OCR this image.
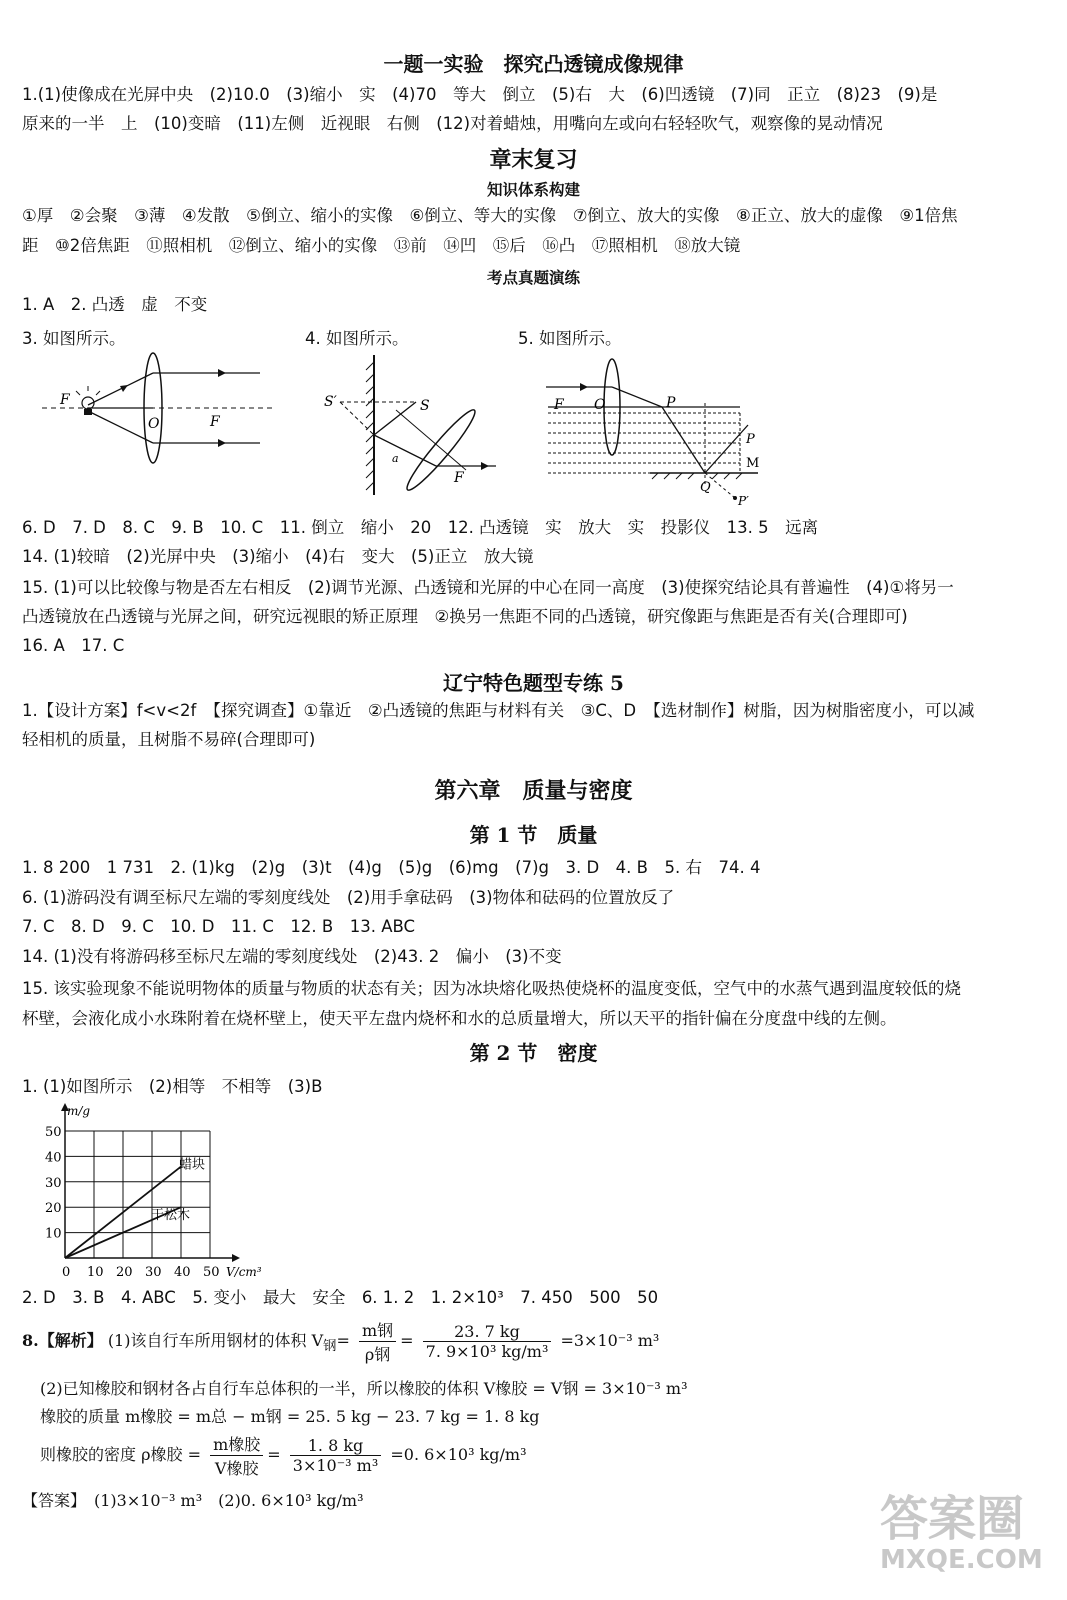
一题一实验　探究凸透镜成像规律
1.(1)使像成在光屏中央　(2)10.0　(3)缩小　实　(4)70　等大　倒立　(5)右　大　(6)凹透镜　(7)同　正立　(8)23　(9)是
原来的一半　上　(10)变暗　(11)左侧　近视眼　右侧　(12)对着蜡烛，用嘴向左或向右轻轻吹气，观察像的晃动情况
章末复习
知识体系构建
①厚　②会聚　③薄　④发散　⑤倒立、缩小的实像　⑥倒立、等大的实像　⑦倒立、放大的实像　⑧正立、放大的虚像　⑨1倍焦
距　⑩2倍焦距　⑪照相机　⑫倒立、缩小的实像　⑬前　⑭凹　⑮后　⑯凸　⑰照相机　⑱放大镜
考点真题演练
1. A　2. 凸透　虚　不变
3. 如图所示。	4. 如图所示。	5. 如图所示。
F
O	F
S′	S
a
F
F O	P
P
M
Q
P′
6. D　7. D　8. C　9. B　10. C　11. 倒立　缩小　20　12. 凸透镜　实　放大　实　投影仪　13. 5　远离
14. (1)较暗　(2)光屏中央　(3)缩小　(4)右　变大　(5)正立　放大镜
15. (1)可以比较像与物是否左右相反　(2)调节光源、凸透镜和光屏的中心在同一高度　(3)使探究结论具有普遍性　(4)①将另一
凸透镜放在凸透镜与光屏之间，研究远视眼的矫正原理　②换另一焦距不同的凸透镜，研究像距与焦距是否有关(合理即可)
16. A　17. C
辽宁特色题型专练 5
1.【设计方案】f<v<2f　【探究调查】①靠近　②凸透镜的焦距与材料有关　③C、D　【选材制作】树脂，因为树脂密度小，可以减
轻相机的质量，且树脂不易碎(合理即可)
第六章　质量与密度
第 1 节　质量
1. 8 200　1 731　2. (1)kg　(2)g　(3)t　(4)g　(5)g　(6)mg　(7)g　3. D　4. B　5. 右　74. 4
6. (1)游码没有调至标尺左端的零刻度线处　(2)用手拿砝码　(3)物体和砝码的位置放反了
7. C　8. D　9. C　10. D　11. C　12. B　13. ABC
14. (1)没有将游码移至标尺左端的零刻度线处　(2)43. 2　偏小　(3)不变
15. 该实验现象不能说明物体的质量与物质的状态有关；因为冰块熔化吸热使烧杯的温度变低，空气中的水蒸气遇到温度较低的烧
杯壁，会液化成小水珠附着在烧杯壁上，使天平左盘内烧杯和水的总质量增大，所以天平的指针偏在分度盘中线的左侧。
第 2 节　密度
1. (1)如图所示　(2)相等　不相等　(3)B
0 10 20 30 40 50
10
20
30
40
50
m/g
V/cm³
蜡块
干松木
2. D　3. B　4. ABC　5. 变小　最大　安全　6. 1. 2　1. 2×10³　7. 450　500　50
8.【解析】 (1)该自行车所用钢材的体积 $V_钢= \frac{\text{m钢}}{\text{ρ钢}} = \frac{23. 7 kg}{\text{7. 9×10³ kg/m³}} =3\times 10^{-3}$ m³
(2)已知橡胶和钢材各占自行车总体积的一半，所以橡胶的体积 V橡胶 = V钢 = 3×10⁻³ m³
橡胶的质量 m橡胶 = m总 − m钢 = 25. 5 kg − 23. 7 kg = 1. 8 kg
则橡胶的密度 ρ橡胶 = $\frac{\text{m橡胶}}{\text{V橡胶}} = \frac{1. 8 kg}{\text{3×10⁻³ m³}} =0$. 6×10³ kg/m³
【答案】　(1)3×10⁻³ m³　(2)0. 6×10³ kg/m³	答案圈
MXQE.COM
